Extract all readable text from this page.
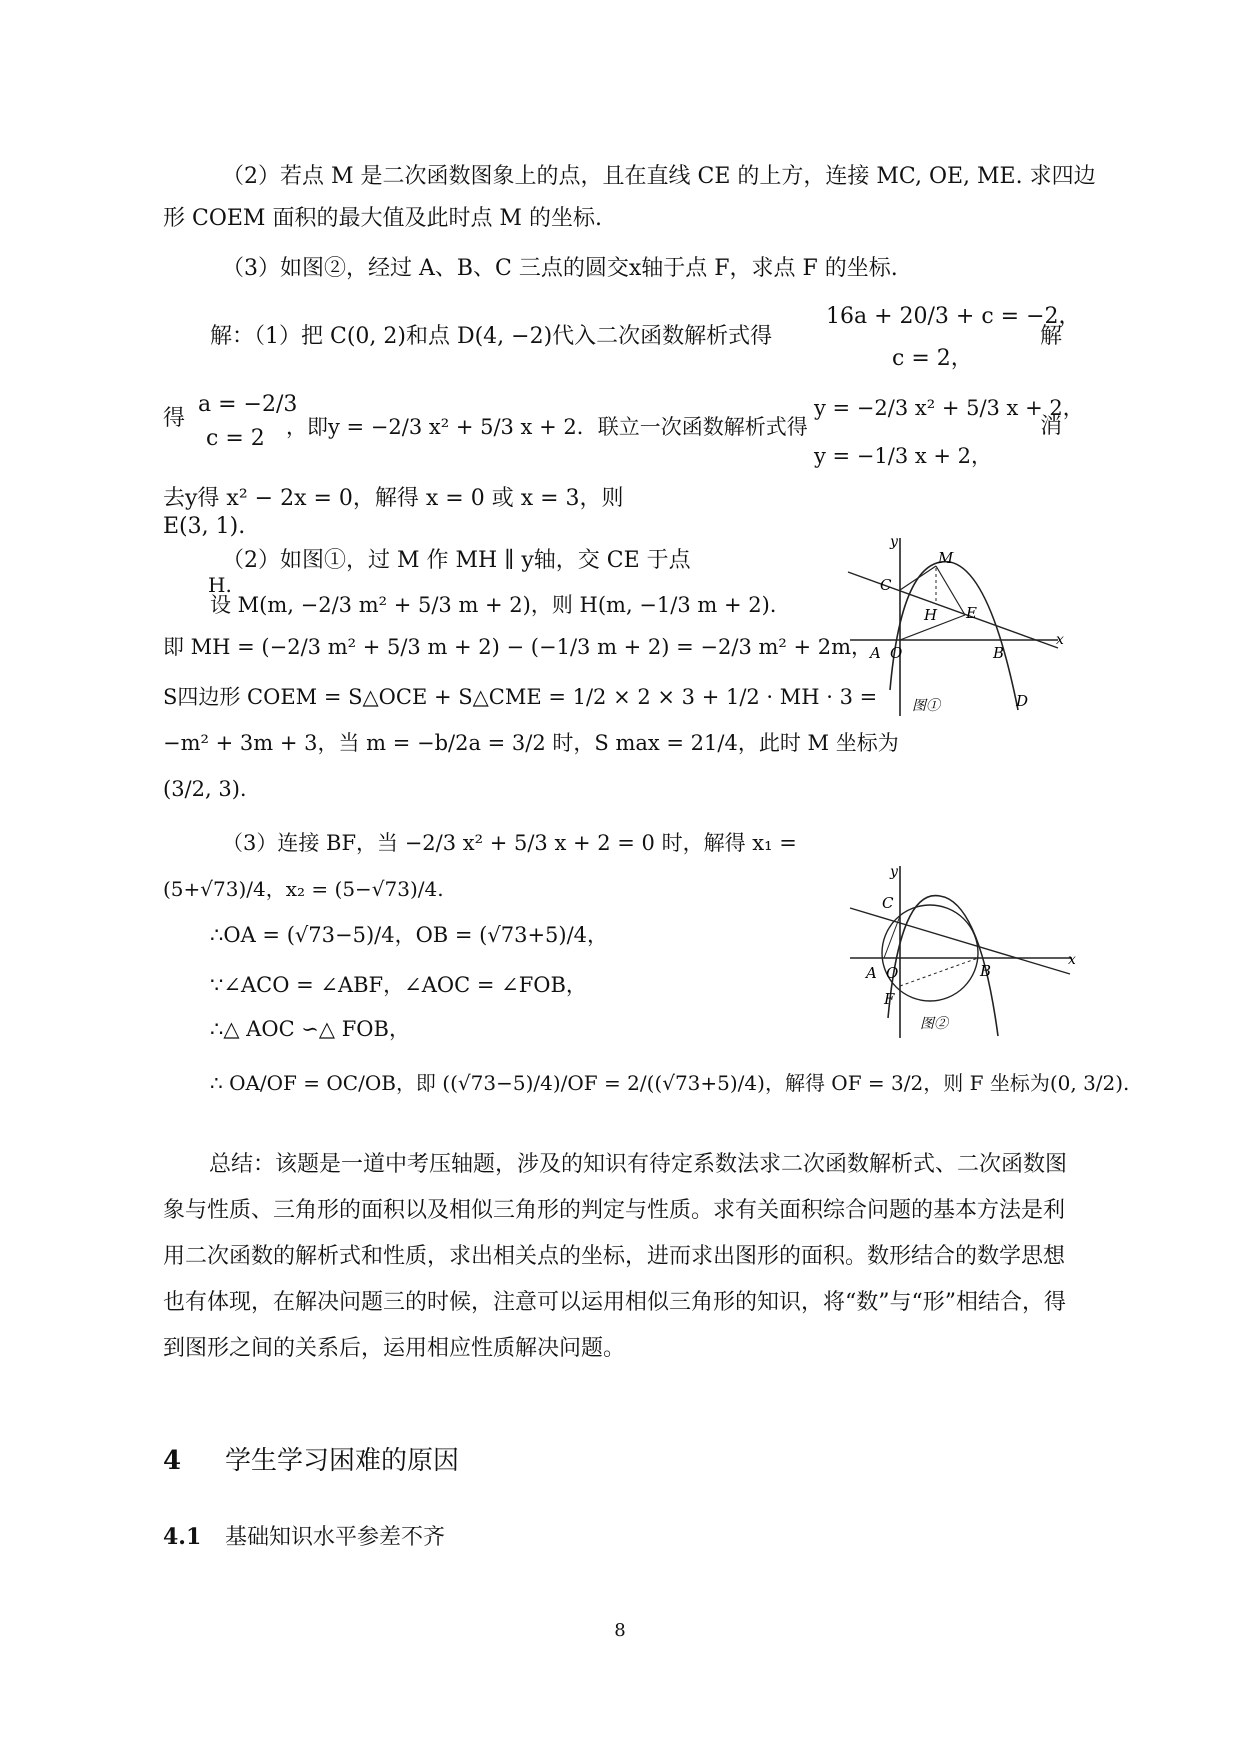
（2）若点 M 是二次函数图象上的点，且在直线 CE 的上方，连接 MC, OE, ME. 求四边
形 COEM 面积的最大值及此时点 M 的坐标.
（3）如图②，经过 A、B、C 三点的圆交x轴于点 F，求点 F 的坐标.
解：（1）把 C(0, 2)和点 D(4, −2)代入二次函数解析式得
16a + 20/3 + c = −2，
c = 2，
解
得
a = −2/3
c = 2	，即y = −2/3 x² + 5/3 x + 2．联立一次函数解析式得
y = −2/3 x² + 5/3 x + 2，
y = −1/3 x + 2，
消
去y得 x² − 2x = 0，解得 x = 0 或 x = 3，则
E(3, 1).
（2）如图①，过 M 作 MH ∥ y轴，交 CE 于点
H.
设 M(m, −2/3 m² + 5/3 m + 2)，则 H(m, −1/3 m + 2).
即 MH = (−2/3 m² + 5/3 m + 2) − (−1/3 m + 2) = −2/3 m² + 2m，
S四边形 COEM = S△OCE + S△CME = 1/2 × 2 × 3 + 1/2 · MH · 3 =
−m² + 3m + 3，当 m = −b/2a = 3/2 时，S max = 21/4，此时 M 坐标为
(3/2, 3).
（3）连接 BF，当 −2/3 x² + 5/3 x + 2 = 0 时，解得 x₁ =
(5+√73)/4，x₂ = (5−√73)/4.
∴OA = (√73−5)/4，OB = (√73+5)/4，
∵∠ACO = ∠ABF，∠AOC = ∠FOB，
∴△ AOC ∽△ FOB，
∴ OA/OF = OC/OB，即 ((√73−5)/4)/OF = 2/((√73+5)/4)，解得 OF = 3/2，则 F 坐标为(0, 3/2).
总结：该题是一道中考压轴题，涉及的知识有待定系数法求二次函数解析式、二次函数图象与性质、三角形的面积以及相似三角形的判定与性质。求有关面积综合问题的基本方法是利用二次函数的解析式和性质，求出相关点的坐标，进而求出图形的面积。数形结合的数学思想也有体现，在解决问题三的时候，注意可以运用相似三角形的知识，将“数”与“形”相结合，得到图形之间的关系后，运用相应性质解决问题。
4 学生学习困难的原因
4.1 基础知识水平参差不齐
y
x
C
M
H E
A O	B
D
图①
y
x
C
A O	B
F
图②
8
